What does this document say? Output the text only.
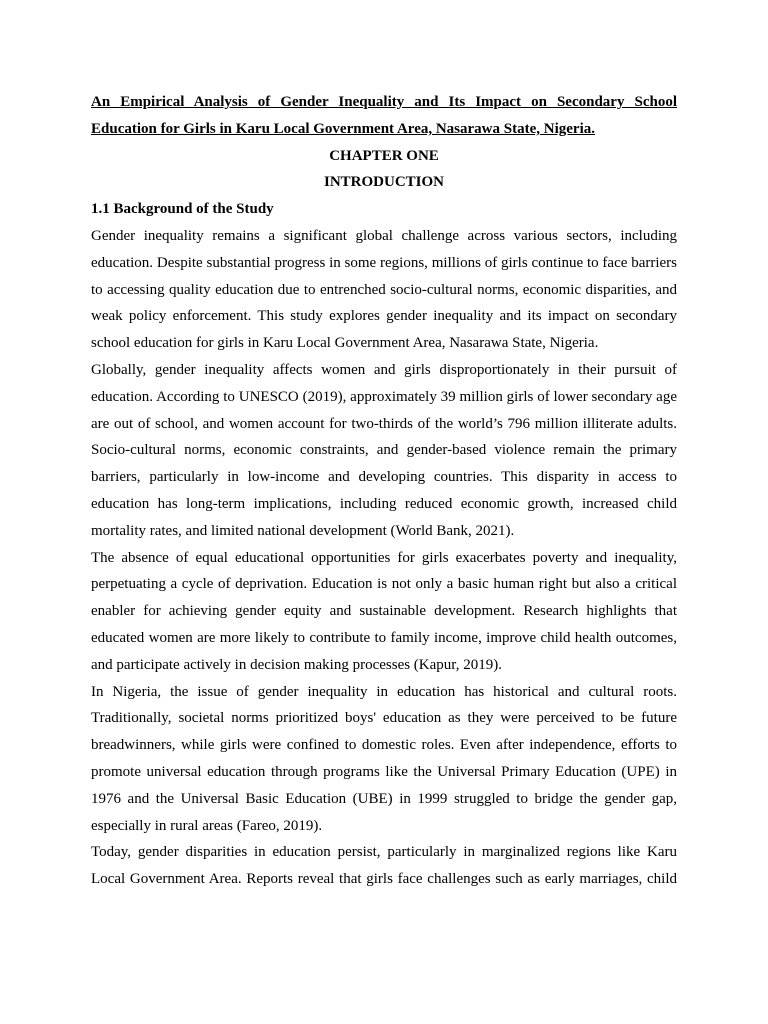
An Empirical Analysis of Gender Inequality and Its Impact on Secondary School Education for Girls in Karu Local Government Area, Nasarawa State, Nigeria.

CHAPTER ONE

INTRODUCTION

1.1 Background of the Study

Gender inequality remains a significant global challenge across various sectors, including education. Despite substantial progress in some regions, millions of girls continue to face barriers to accessing quality education due to entrenched socio-cultural norms, economic disparities, and weak policy enforcement. This study explores gender inequality and its impact on secondary school education for girls in Karu Local Government Area, Nasarawa State, Nigeria.

Globally, gender inequality affects women and girls disproportionately in their pursuit of education. According to UNESCO (2019), approximately 39 million girls of lower secondary age are out of school, and women account for two-thirds of the world’s 796 million illiterate adults. Socio-cultural norms, economic constraints, and gender-based violence remain the primary barriers, particularly in low-income and developing countries. This disparity in access to education has long-term implications, including reduced economic growth, increased child mortality rates, and limited national development (World Bank, 2021).

The absence of equal educational opportunities for girls exacerbates poverty and inequality, perpetuating a cycle of deprivation. Education is not only a basic human right but also a critical enabler for achieving gender equity and sustainable development. Research highlights that educated women are more likely to contribute to family income, improve child health outcomes, and participate actively in decision making processes (Kapur, 2019).

In Nigeria, the issue of gender inequality in education has historical and cultural roots. Traditionally, societal norms prioritized boys' education as they were perceived to be future breadwinners, while girls were confined to domestic roles. Even after independence, efforts to promote universal education through programs like the Universal Primary Education (UPE) in 1976 and the Universal Basic Education (UBE) in 1999 struggled to bridge the gender gap, especially in rural areas (Fareo, 2019).

Today, gender disparities in education persist, particularly in marginalized regions like Karu Local Government Area. Reports reveal that girls face challenges such as early marriages, child
